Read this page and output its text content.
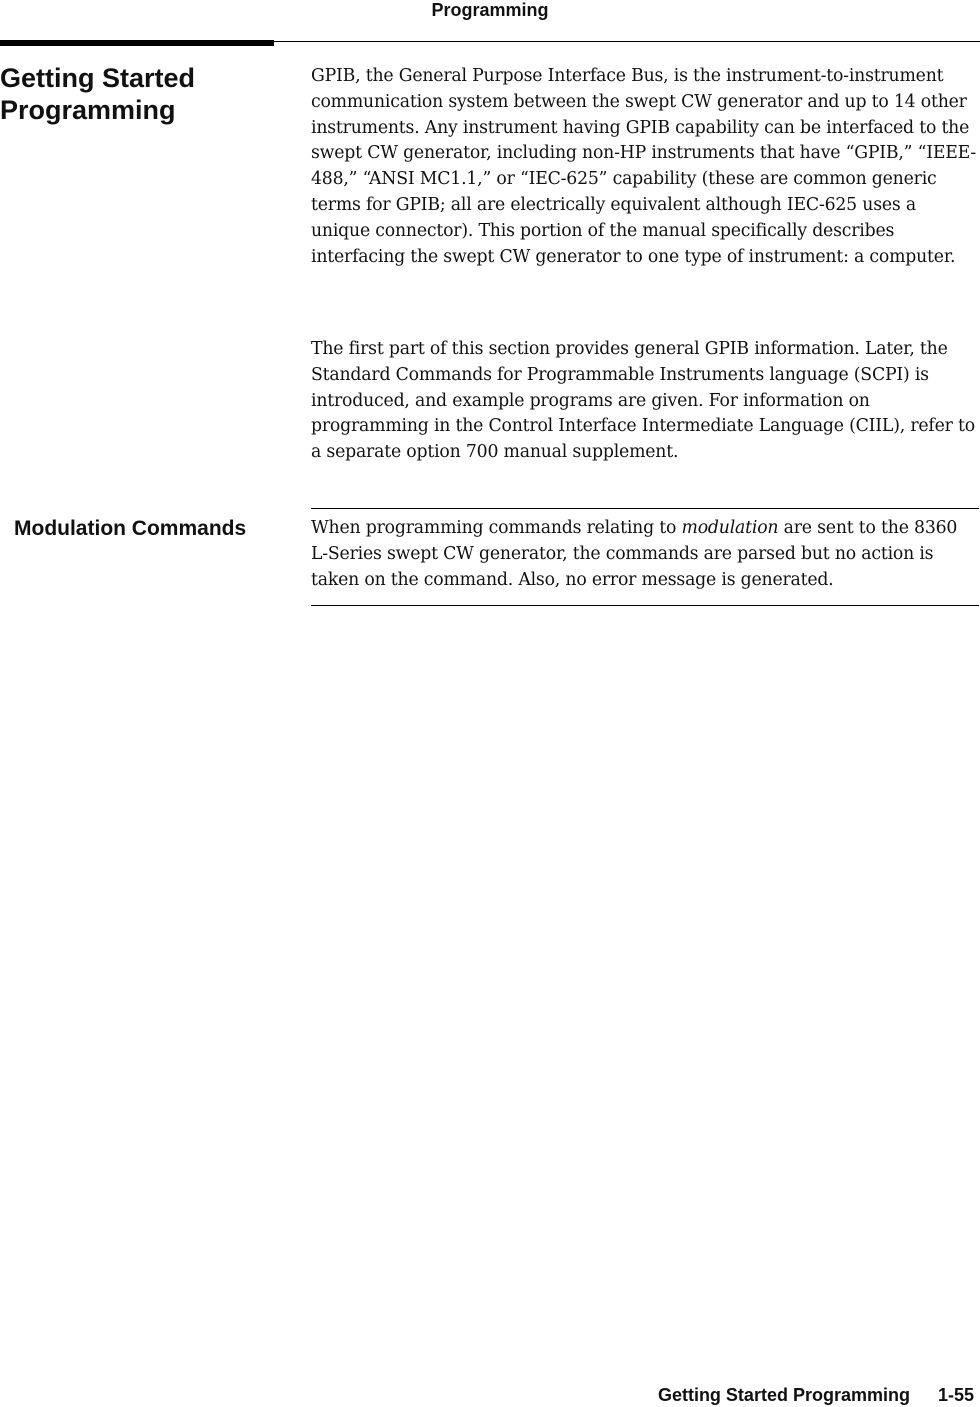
Programming
Getting Started
Programming

GPIB, the General Purpose Interface Bus, is the instrument-to-instrument communication system between the swept CW generator and up to 14 other instruments. Any instrument having GPIB capability can be interfaced to the swept CW generator, including non-HP instruments that have “GPIB,” “IEEE-488,” “ANSI MC1.1,” or “IEC-625” capability (these are common generic terms for GPIB; all are electrically equivalent although IEC-625 uses a unique connector). This portion of the manual specifically describes interfacing the swept CW generator to one type of instrument: a computer.

The first part of this section provides general GPIB information. Later, the Standard Commands for Programmable Instruments language (SCPI) is introduced, and example programs are given. For information on programming in the Control Interface Intermediate Language (CIIL), refer to a separate option 700 manual supplement.

Modulation Commands	When programming commands relating to modulation are sent to the 8360 L-Series swept CW generator, the commands are parsed but no action is taken on the command. Also, no error message is generated.

Getting Started Programming 1-55
